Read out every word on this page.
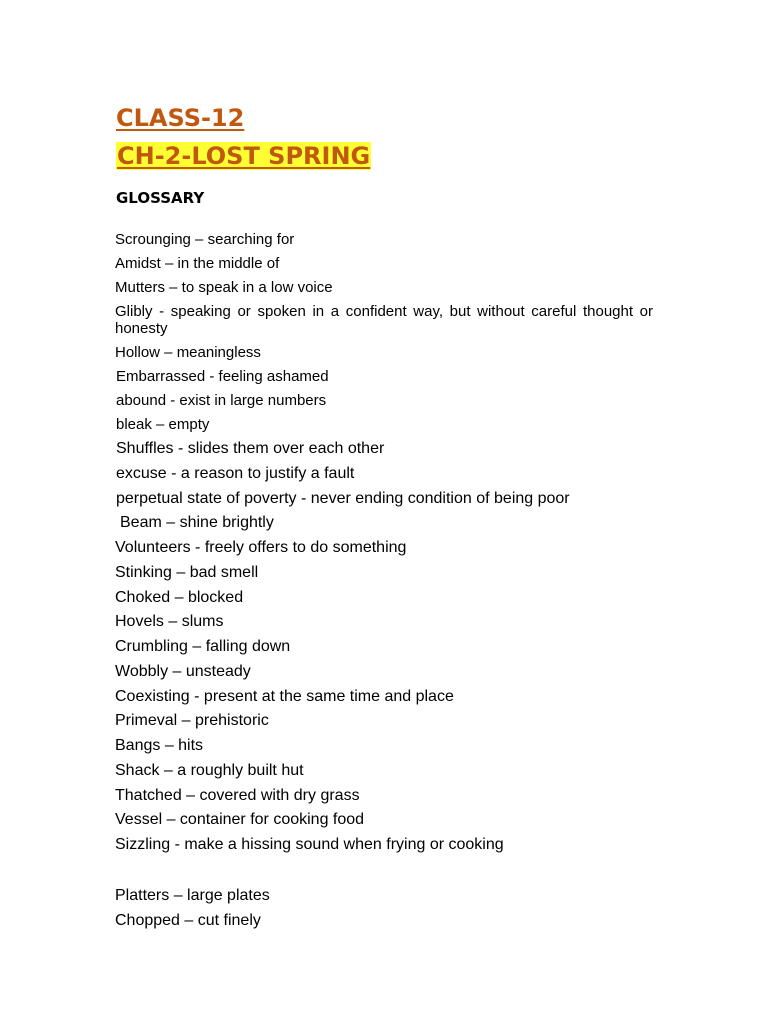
CLASS-12
CH-2-LOST SPRING
GLOSSARY
Scrounging – searching for
Amidst – in the middle of
Mutters – to speak in a low voice
Glibly - speaking or spoken in a confident way, but without careful thought or honesty
Hollow – meaningless
Embarrassed - feeling ashamed
abound - exist in large numbers
bleak – empty
Shuffles - slides them over each other
excuse - a reason to justify a fault
perpetual state of poverty - never ending condition of being poor
Beam – shine brightly
Volunteers - freely offers to do something
Stinking – bad smell
Choked – blocked
Hovels – slums
Crumbling – falling down
Wobbly – unsteady
Coexisting - present at the same time and place
Primeval – prehistoric
Bangs – hits
Shack – a roughly built hut
Thatched – covered with dry grass
Vessel – container for cooking food
Sizzling - make a hissing sound when frying or cooking
Platters – large plates
Chopped – cut finely
